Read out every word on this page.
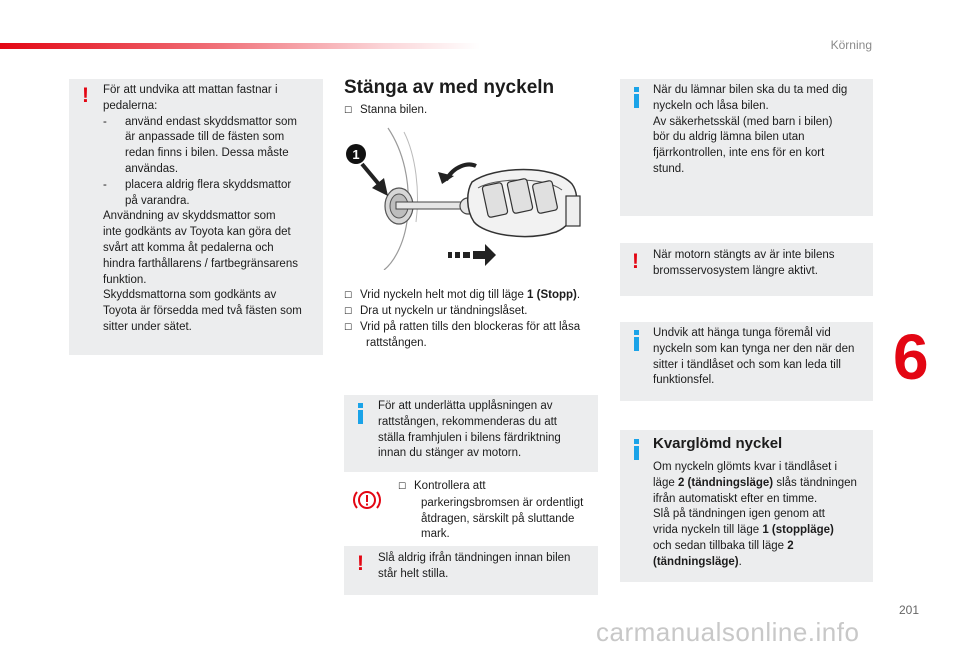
Körning
! För att undvika att mattan fastnar i
pedalerna:
- använd endast skyddsmattor som
är anpassade till de fästen som
redan finns i bilen. Dessa måste
användas.
- placera aldrig flera skyddsmattor
på varandra.
Användning av skyddsmattor som
inte godkänts av Toyota kan göra det
svårt att komma åt pedalerna och
hindra farthållarens / fartbegränsarens
funktion.
Skyddsmattorna som godkänts av
Toyota är försedda med två fästen som
sitter under sätet.
Stänga av med nyckeln
☐ Stanna bilen.
1
☐ Vrid nyckeln helt mot dig till läge 1 (Stopp).
☐ Dra ut nyckeln ur tändningslåset.
☐ Vrid på ratten tills den blockeras för att låsa
rattstången.
För att underlätta upplåsningen av
rattstången, rekommenderas du att
ställa framhjulen i bilens färdriktning
innan du stänger av motorn.
☐ Kontrollera att
parkeringsbromsen är ordentligt
åtdragen, särskilt på sluttande
mark.
! Slå aldrig ifrån tändningen innan bilen
står helt stilla.
När du lämnar bilen ska du ta med dig
nyckeln och låsa bilen.
Av säkerhetsskäl (med barn i bilen)
bör du aldrig lämna bilen utan
fjärrkontrollen, inte ens för en kort
stund.
! När motorn stängts av är inte bilens
bromsservosystem längre aktivt.
Undvik att hänga tunga föremål vid
nyckeln som kan tynga ner den när den
sitter i tändlåset och som kan leda till
funktionsfel.
Kvarglömd nyckel
Om nyckeln glömts kvar i tändlåset i
läge 2 (tändningsläge) slås tändningen
ifrån automatiskt efter en timme.
Slå på tändningen igen genom att
vrida nyckeln till läge 1 (stoppläge)
och sedan tillbaka till läge 2
(tändningsläge).
6
201
carmanualsonline.info
